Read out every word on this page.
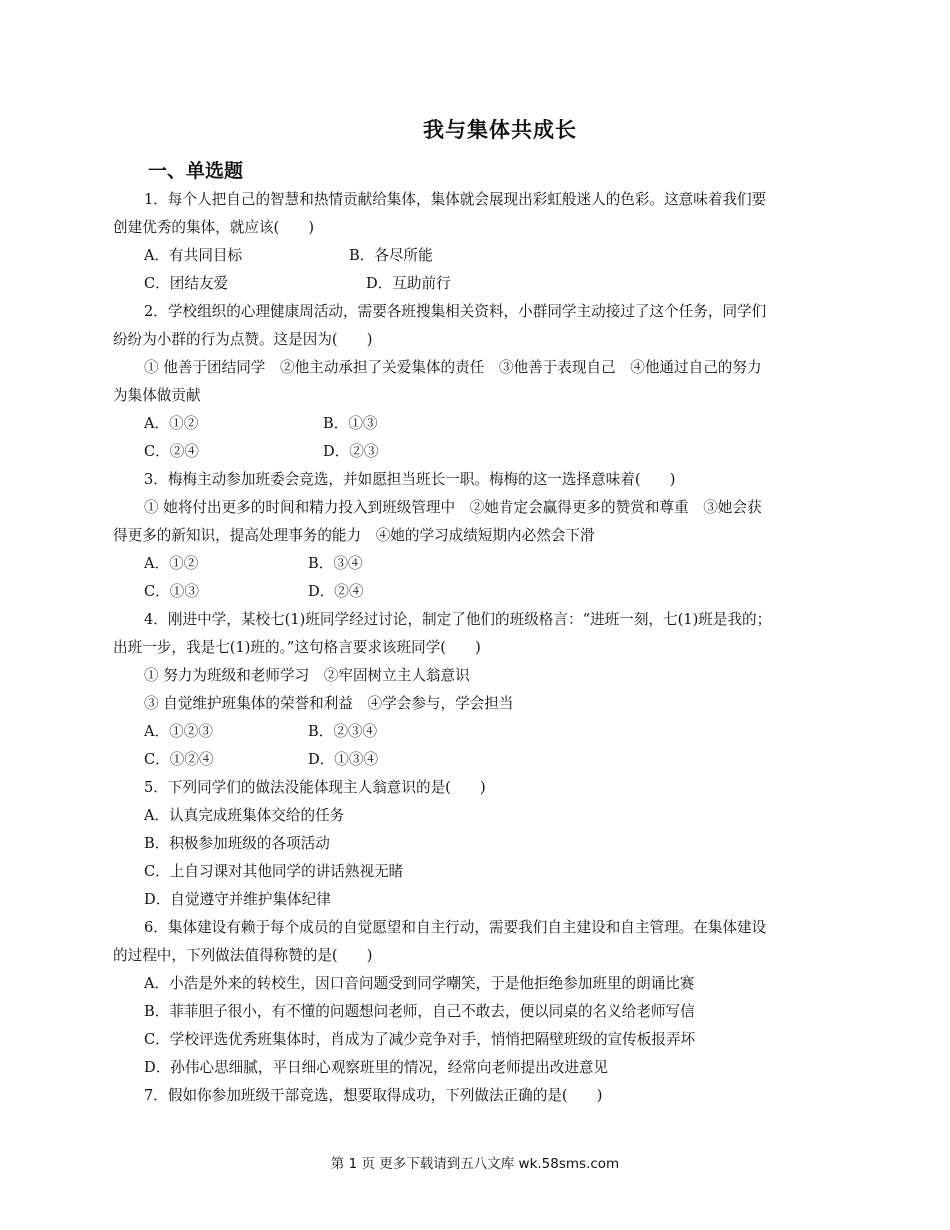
我与集体共成长
一、单选题
1．每个人把自己的智慧和热情贡献给集体，集体就会展现出彩虹般迷人的色彩。这意味着我们要
创建优秀的集体，就应该(　　)
A．有共同目标	B．各尽所能
C．团结友爱	D．互助前行
2．学校组织的心理健康周活动，需要各班搜集相关资料，小群同学主动接过了这个任务，同学们
纷纷为小群的行为点赞。这是因为(　　)
① 他善于团结同学　②他主动承担了关爱集体的责任　③他善于表现自己　④他通过自己的努力
为集体做贡献
A．①②	B．①③
C．②④	D．②③
3．梅梅主动参加班委会竞选，并如愿担当班长一职。梅梅的这一选择意味着(　　)
① 她将付出更多的时间和精力投入到班级管理中　②她肯定会赢得更多的赞赏和尊重　③她会获
得更多的新知识，提高处理事务的能力　④她的学习成绩短期内必然会下滑
A．①②	B．③④
C．①③	D．②④
4．刚进中学，某校七(1)班同学经过讨论，制定了他们的班级格言：“进班一刻，七(1)班是我的；
出班一步，我是七(1)班的。”这句格言要求该班同学(　　)
① 努力为班级和老师学习　②牢固树立主人翁意识
③ 自觉维护班集体的荣誉和利益　④学会参与，学会担当
A．①②③	B．②③④
C．①②④	D．①③④
5．下列同学们的做法没能体现主人翁意识的是(　　)
A．认真完成班集体交给的任务
B．积极参加班级的各项活动
C．上自习课对其他同学的讲话熟视无睹
D．自觉遵守并维护集体纪律
6．集体建设有赖于每个成员的自觉愿望和自主行动，需要我们自主建设和自主管理。在集体建设
的过程中，下列做法值得称赞的是(　　)
A．小浩是外来的转校生，因口音问题受到同学嘲笑，于是他拒绝参加班里的朗诵比赛
B．菲菲胆子很小，有不懂的问题想问老师，自己不敢去，便以同桌的名义给老师写信
C．学校评选优秀班集体时，肖成为了减少竞争对手，悄悄把隔壁班级的宣传板报弄坏
D．孙伟心思细腻，平日细心观察班里的情况，经常向老师提出改进意见
7．假如你参加班级干部竞选，想要取得成功，下列做法正确的是(　　)
第 1 页 更多下载请到五八文库 wk.58sms.com
